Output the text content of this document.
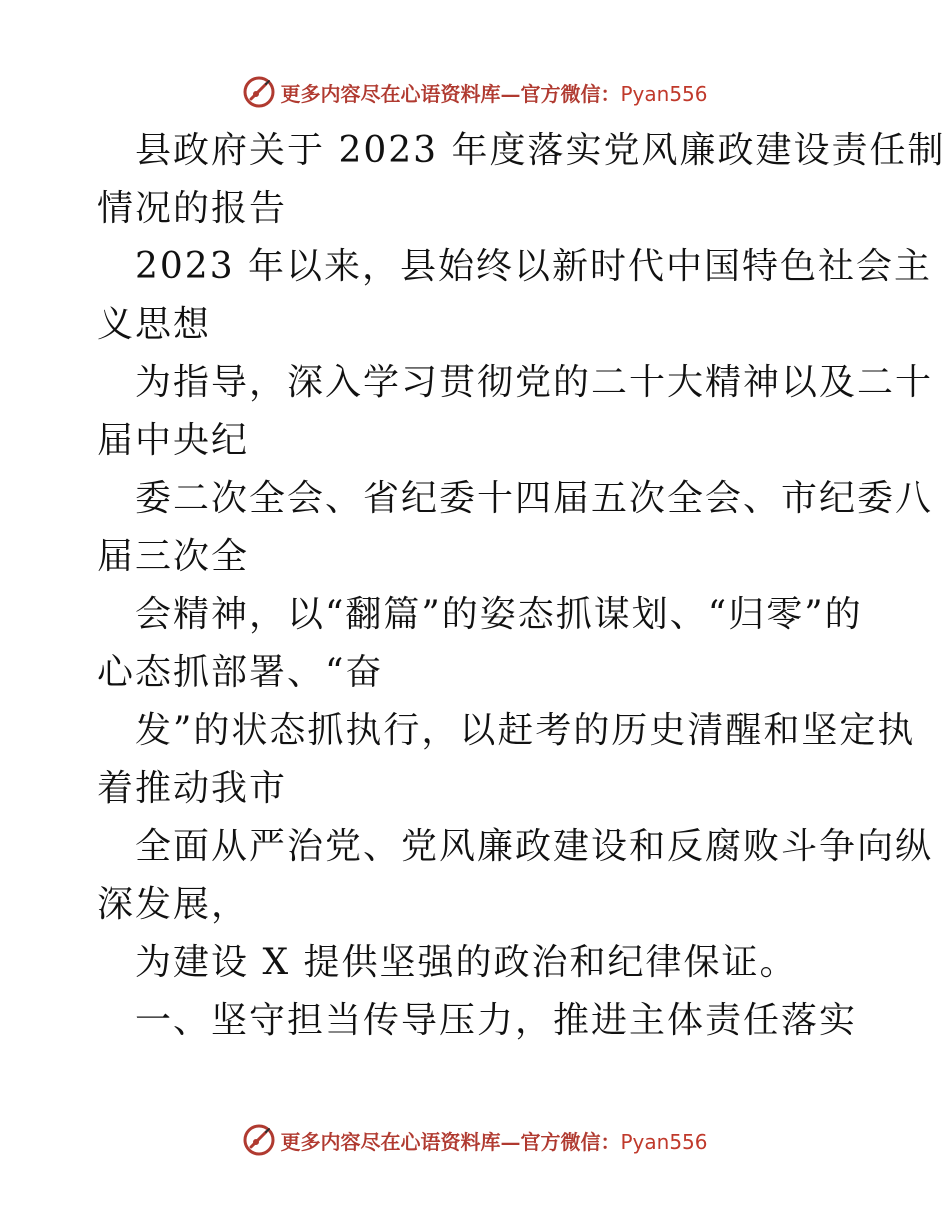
更多内容尽在心语资料库—官方微信：Pyan556
县政府关于 2023 年度落实党风廉政建设责任制
情况的报告
2023 年以来，县始终以新时代中国特色社会主
义思想
为指导，深入学习贯彻党的二十大精神以及二十
届中央纪
委二次全会、省纪委十四届五次全会、市纪委八
届三次全
会精神，以“翻篇”的姿态抓谋划、“归零”的
心态抓部署、“奋
发”的状态抓执行，以赶考的历史清醒和坚定执
着推动我市
全面从严治党、党风廉政建设和反腐败斗争向纵
深发展，
为建设 X 提供坚强的政治和纪律保证。
一、坚守担当传导压力，推进主体责任落实
更多内容尽在心语资料库—官方微信：Pyan556
